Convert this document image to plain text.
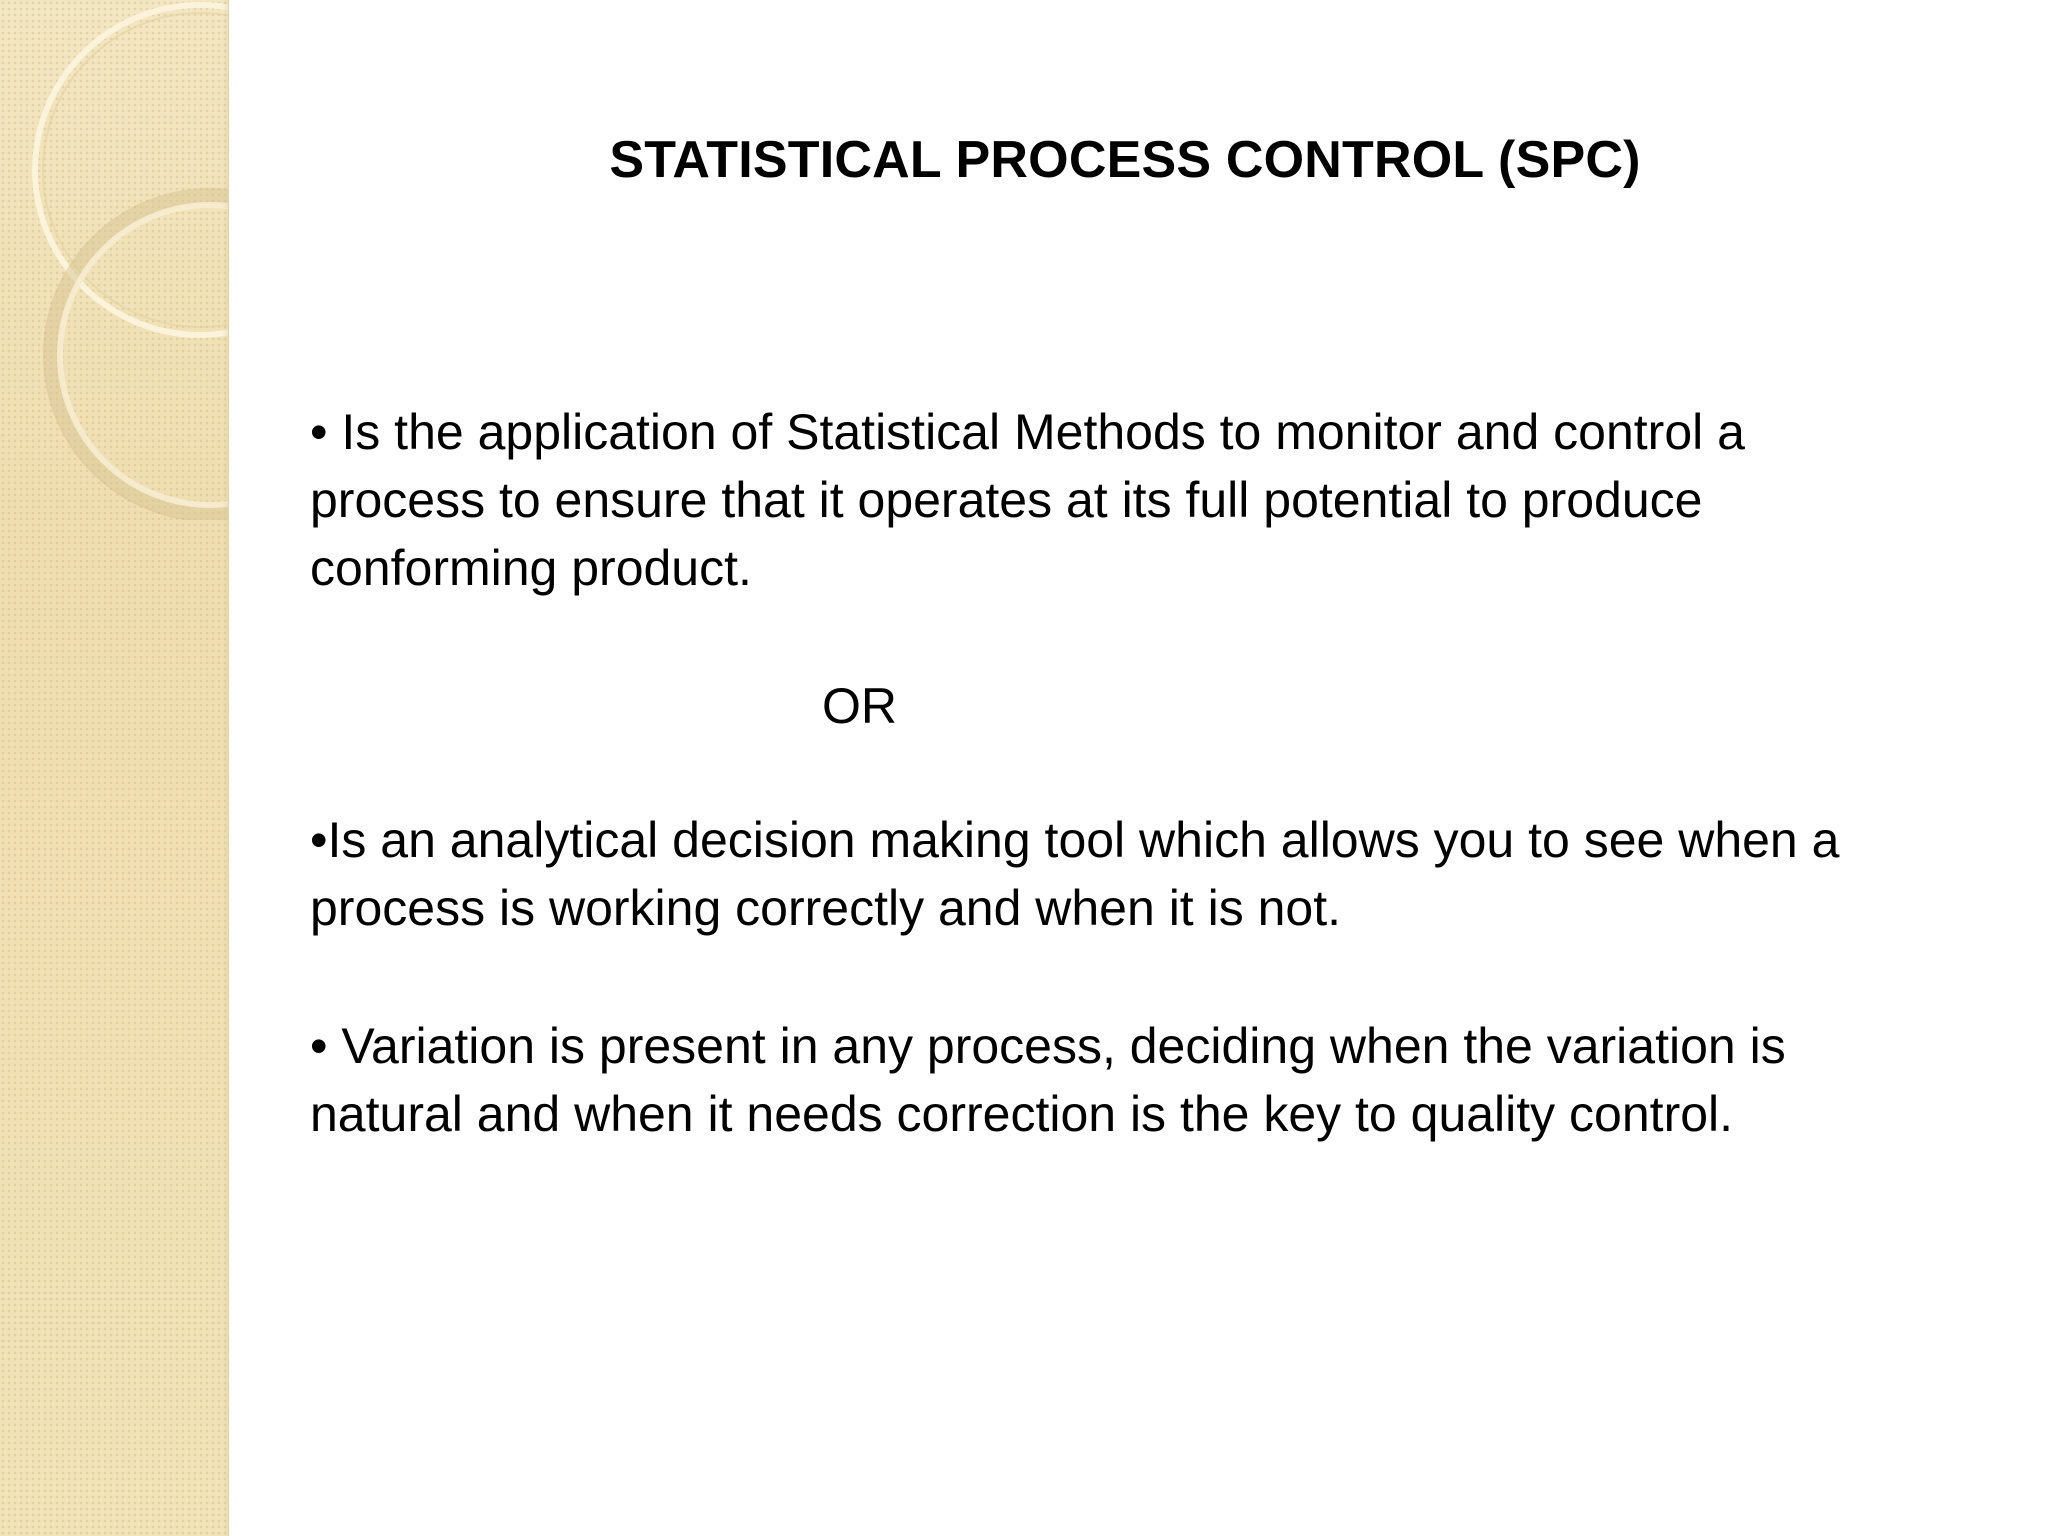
STATISTICAL PROCESS CONTROL (SPC)

• Is the application of Statistical Methods to monitor and control a process to ensure that it operates at its full potential to produce conforming product.

OR

•Is an analytical decision making tool which allows you to see when a process is working correctly and when it is not.

• Variation is present in any process, deciding when the variation is natural and when it needs correction is the key to quality control.
